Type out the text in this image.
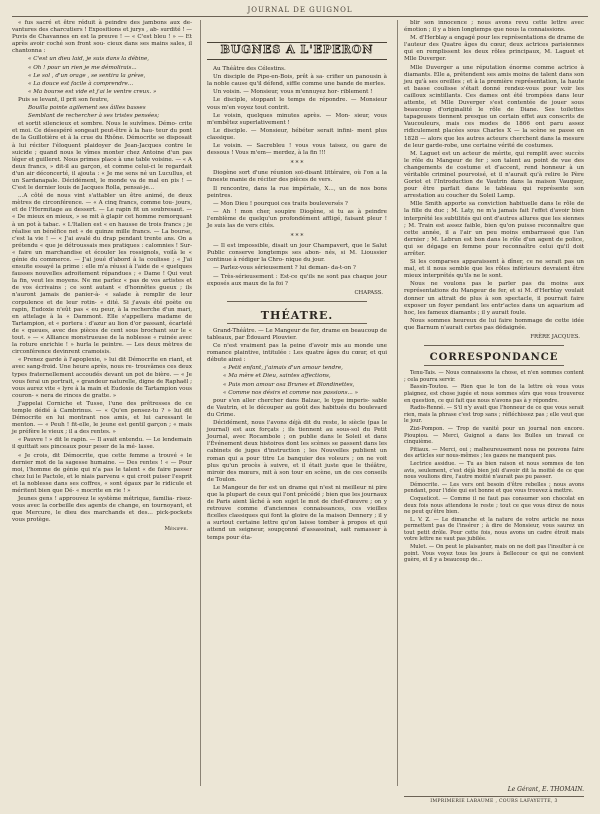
JOURNAL DE GUIGNOL

« fus sacré et être réduit à peindre des jambons aux de- vantures des charcutiers ! Expositions et jurys , ab- surdité ! — Puvis de Chavannes en est la preuve ! — « C'est bleu ! » — Et après avoir coché son front sou- cieux dans ses mains sales, il chantonna :

« C'est un dieu laid, je suis dans la débine,

« Oh ! pour un rien je me démolirais...

« Le sol , d'un orage , se sentira la grève,

« La douce est facile à comprendre...

« Ma bourse est vide et j'ai le ventre creux. »

Puis se levant, il prit son feutre,

Bouilla pointe agilement ses âilles basses

Semblant de rechercher à ses tristes pensées;

et sortit silencieux et sombre. Nous le suivîmes. Démo- crite et moi. Ce désespéré songeait peut-être à la hau- teur du pont de la Guillotière et à la crue du Rhône. Démocrite se disposait à lui réciter l'éloquent plaidoyer de Jean-Jacques contre le suicide ; quand nous le vîmes monter chez Antoine d'un pas léger et guilleret. Nous primes place à une table voisine. — « A deux francs, » dit-il au garçon, et comme celui-ci le regardait d'un air déconcerté, il ajouta : « Je me sens né un Lucullus, et un Sardanapale. Décidément, le monde va de mal en pis ! — C'est le dernier louis de Jacques Rolla, pensai-je...

...A côté de nous vint s'attabler un être animé, de deux mètres de circonférence. — « A cinq francs, comme tou- jours, et de l'Hermitage au dessert. — Le rapin fit un soubresaut. — « De mieux en mieux, » se mit à glapir cet homme remorquant à un pot à tabac. « L'Italien est « en hausse de trois francs ; je réalise un bénéfice net « de quinze mille francs. — La bourse, c'est la vie ! — « J'ai avalé du drap pendant trente ans. On a prétendu « que je détroussais mes pratiques : calomnies ! Sur- « faire un marchandise et écouler les rossignols, voilà le « génie du commerce. — J'ai joué d'abord à la coulisse ; « J'ai ensuite essayé la prime : elle m'a réussi à l'aide de « quelques fausses nouvelles adroitement répandues ; « Dame ! Qui veut la fin, veut les moyens. Ne me parlez « pas de vos artistes et de vos écrivains ; ce sont autant « d'honnêtes gueux ; ils n'auront jamais de panier-à- « salade à remplir de leur corpulence et de leur rotin- « dité. Si j'avais été poète ou rapin, Eudoxie n'eût pas « eu peur, à la recherche d'un mari, en attelage à la « Dammont. Elle s'appellera madame de Tartampion, et « portera : d'azur au lion d'or passant, écartelé de « queues, avec des pièces de cent sous brochant sur le « tout. » — « Alliance monstrueuse de la noblesse « ruinée avec la roture enrichie ! » hurla le peintre. — Les deux mètres de circonférence devinrent cramoisis.

« Prenez garde à l'apoplexie, » lui dit Démocrite en riant, et avec sang-froid. Une heure après, nous re- trouvâmes ces deux types fraternellement accoudés devant un pot de bière. — « Je vous ferai un portrait, « grandeur naturelle, digne de Raphaël ; vous aurez vite « lyre à la main et Eudoxie de Tartampion vous couron- « nera de rinces de gratte. »

J'appelai Corniche et Tusse, l'une des prêtresses de ce temple dédié à Cambrinus. — « Qu'en pensez-tu ? » lui dit Démocrite en lui montrant nos amis, et lui caressant le menton. — « Peuh ! fit-elle, le jeune est gentil garçon ; « mais je préfère le vieux ; il a des rentes. »

« Pauvre ! » dit le rapin. — Il avait entendu. — Le lendemain il quittait ses pinceaux pour peser de la mé- lasse.

« Je crois, dit Démocrite, que cette femme a trouvé « le dernier mot de la sagesse humaine. — Des rentes ! « — Pour moi, l'homme de génie qui n'a pas le talent « de faire passer chez lui le Pactole, et le niais parvenu « qui croit puiser l'esprit et la noblesse dans ses coffres, « sont égaux par le ridicule et méritent bien que Dé- « mocrite en rie ! »

Jeunes gens ! approuvez le système métrique, familia- risez-vous avec la corbeille des agents de change, en tournoyant, et que Mercure, le dieu des marchands et des... pick-pockets vous protège.

Ménippe.
BUGNES A L'EPERON

Au Théâtre des Célestins.

Un disciple de Pipe-en-Bois, prêt à sa- crifier un panousin à la noble cause qu'il défend, siffle comme une bande de merles.

Un voisin. — Monsieur, vous m'ennuyez hor- riblement !

Le disciple, stoppant le temps de répondre. — Monsieur vous m'en voyez tout contrit.

Le voisin, quelques minutes après. — Mon- sieur, vous m'embêtez superlativement !

Le disciple. — Monsieur, hébéter serait infini- ment plus classique.

Le voisin. — Sacrebleu ! vous vous taisez, ou gare de dessous ! Vous m'em— merdez, à la fin !!!

* * *

Diogène sort d'une réunion soi-disant littéraire, où l'on a la funeste manie de réciter des pièces de vers.

Il rencontre, dans la rue impériale, X..., un de nos bons peintres.

— Mon Dieu ! pourquoi ces traits bouleversés ?

— Ah ! mon cher, soupire Diogène, si tu as à peindre l'emblème de quelqu'un profondément affligé, faisant pleur ! Je suis las de vers cités.

* * *

— Il est impossible, disait un jour Champavert, que le Salut Public conserve longtemps ses abon- nés, si M. Lioussier continue à rédiger la Chro- nique du jour.

— Parlez-vous sérieusement ? lui deman- da-t-on ?

— Très-sérieusement : Est-ce qu'ils ne sont pas chaque jour exposés aux maux de la foi ?

CHAPASS.
THÉATRE.

Grand-Théâtre. — Le Mangeur de fer, drame en beaucoup de tableaux, par Édouard Plouvier.

Ce n'est vraiment pas la peine d'avoir mis au monde une romance plaintive, intitulée : Les quatre âges du cœur, et qui débute ainsi :

« Petit enfant, j'aimais d'un amour tendre,

« Ma mère et Dieu, saintes affections,

« Puis mon amour osa Brunes et Blondinettes,

« Comme nos désirs et comme nos passions... »

pour s'en aller chercher dans Balzac, le type imperis- sable de Vautrin, et le découper au goût des habitués du boulevard du Crime.

Décidément, nous l'avons déjà dit du reste, le siècle (pas le journal) est aux forçats ; ils tiennent au sous-sol du Petit Journal, avec Rocambole ; on publie dans le Soleil et dans l'Événement deux histoires dont les scènes se passent dans les cabinets de juges d'instruction ; les Nouvelles publient un roman qui a pour titre Le banquier des voleurs ; on ne voit plus qu'un procès à suivre, et il était juste que le théâtre, miroir des mœurs, mit à son tour en scène, un de ces conseils de Toulon.

Le Mangeur de fer est un drame qui n'est ni meilleur ni pire que la plupart de ceux qui l'ont précédé ; bien que les journaux de Paris aient lâché à son sujet le mot de chef-d'œuvre ; on y retrouve comme d'anciennes connaissances, ces vieilles ficelles classiques qui font la gloire de la maison Dennery ; il y a surtout certaine lettre qu'on laisse tomber à propos et qui attend un seigneur, soupçonné d'assassinat, sait ramasser à temps pour éta-

blir son innocence ; nous avons revu cette lettre avec émotion ; il y a bien longtemps que nous la connaissions.

M. d'Herblay a engagé pour les représentations de drame de l'auteur des Quatre âges du cœur, deux actrices parisiennes qui en remplissent les deux rôles principaux, M. Laguet et Mlle Duverger.

Mlle Duverger a une réputation énorme comme actrice à diamants. Elle a, prétendent ses amis moins de talent dans son jeu qu'à ses oreilles ; et à la première représentation, la haute et basse coulisse s'était donné rendez-vous pour voir les cailloux scintillants. Ces dames ont été trompées dans leur attente, et Mlle Duverger s'est contentée de jouer sous beaucoup d'originalité le rôle de Diane. Ses toilettes tapageuses tiennent presque un certain effet aux conscrits de Vaucouleurs, mais ces modes de 1866 ont paru assez ridiculement placées sous Charles X — la scène se passe en 1828 — alors que les autres acteurs cherchent dans la mesure de leur garde-robe, une certaine vérité de costumes.

M. Laguet est un acteur de mérite, qui remplit avec succès le rôle du Mangeur de fer ; son talent au point de vue des changements de costume et d'accent, rend honneur à un véritable criminel pourvoisé, et il n'aurait qu'à relire le Père Goriot et l'Introduction de Vautrin dans la maison Vauquer, pour être parfait dans le tableau qui représente son arrestation au coucher du Soleil Lamp.

Mlle Smith apporte sa conviction habituelle dans le rôle de la fille du duc ; M. Laty, ne m'a jamais fait l'effet d'avoir bien interprété les subtilités qui ont d'autres allures que les siennes ; M. Train est assez faible, bien qu'on puisse reconnaître que cette année, il a l'air un peu moins embarrassé que l'an dernier ; M. Lebrun est bon dans le rôle d'un agent de police, qui se dégage en femme pour reconnaître celui qu'il doit arrêter.

Si les comparses apparaissent à dîner, ce ne serait pas un mal, et il nous semble que les rôles inférieurs devraient être mieux interprétés qu'ils ne le sont.

Nous ne voulons pas le parler pas du moins aux représentations du Mangeur de fer, et si M. d'Herblay voulait donner un attrait de plus à son spectacle, il pourrait faire exposer un foyer pendant les entr'actes dans un aquarium ad hoc, les fameux diamants ; il y aurait foule.

Nous sommes heureux de lui faire hommage de cette idée que Barnum n'aurait certes pas dédaignée.

FRÈRE JACQUES.
CORRESPONDANCE

Tenu-Tais. — Nous connaissons la chose, et n'en sommes content ; cela pourra servir.

Bassin-Toutou. — Rien que le ton de la lettre où vous vous plaignez, est chose jugée et nous sommes sûrs que vous trouverez en question, ce qui fait que nous n'avons pas à y répondre.

Radis-Renné. — S'il n'y avait que l'honneur de ce que vous serait rien, mais la phrase c'est trop sans ; réfléchissez pas ; elle veut que le jour.

Zizi-Pompon. — Trop de vanité pour un journal non encore. Pioupiou. — Merci, Guignol a dans les Bulles un travail ce cinquième.

Pitiaux. — Merci, oui ; malheureusement nous ne pouvons faire des articles sur nous-mêmes ; les gazes ne manquent pas.

Lectrice assidue. — Tu as bien raison et nous sommes de ton avis, seulement, c'est déjà bien joli d'avoir dit la moitié de ce que nous voulions dire, l'autre moitié n'aurait pas pu passer.

Démocrite. — Les vers ont besoin d'être rebelles ; nous avons pendant, pour l'idée qui est bonne et que vous trouvez à mettre.

Coquelicot. — Comme il ne faut pas consumer son chocolat en deux fois nous attendons le reste ; tout ce que vous direz de nous ne peut qu'être bien.

L. V. Z. — Le dimanche et la nature de votre article ne nous permettent pas de l'insérer ; à dire de Monsieur, vous saurez un tout petit drôle. Pour cette fois, nous avons un cadre étroit mais votre lettre ne vaut pas jubilée.

Mulet. — On peut le plaisanter, mais on ne doit pas l'insulter à ce point. Vous voyez tous les jours à Bellecour ce qui ne convient guère, et il y a beaucoup de...

Le Gérant, E. THOMAIN.
IMPRIMERIE LABAUME , COURS LAFAYETTE, 3
